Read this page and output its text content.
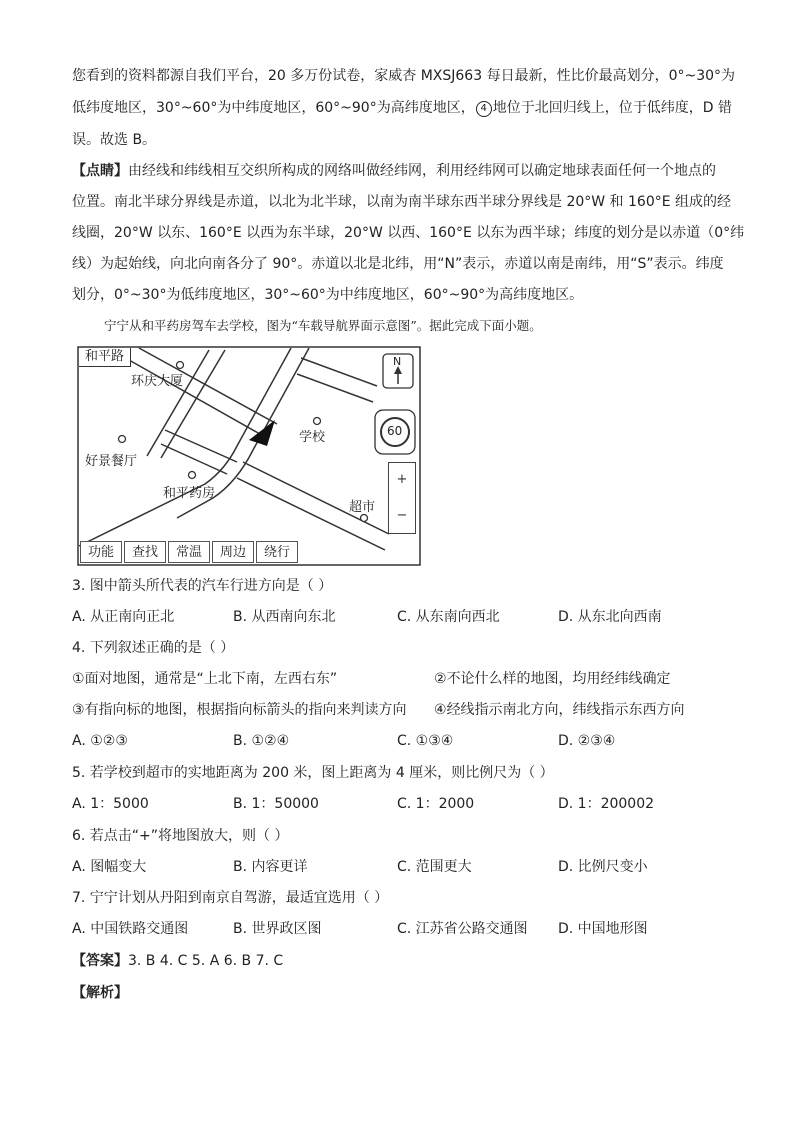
您看到的资料都源自我们平台，20 多万份试卷，家威杏 MXSJ663 每日最新，性比价最高划分，0°~30°为
低纬度地区，30°~60°为中纬度地区，60°~90°为高纬度地区， 4 地位于北回归线上，位于低纬度，D 错
误。故选 B。
【点睛】由经线和纬线相互交织所构成的网络叫做经纬网，利用经纬网可以确定地球表面任何一个地点的
位置。南北半球分界线是赤道，以北为北半球，以南为南半球东西半球分界线是 20°W 和 160°E 组成的经
线圈，20°W 以东、160°E 以西为东半球，20°W 以西、160°E 以东为西半球；纬度的划分是以赤道（0°纬
线）为起始线，向北向南各分了 90°。赤道以北是北纬，用“N”表示，赤道以南是南纬，用“S”表示。纬度
划分，0°~30°为低纬度地区，30°~60°为中纬度地区，60°~90°为高纬度地区。
宁宁从和平药房驾车去学校，图为“车载导航界面示意图”。据此完成下面小题。
和平路
环庆大厦
好景餐厅
学校
和平药房
超市
N
60
+
−
功能	查找	常温	周边	绕行
3. 图中箭头所代表的汽车行进方向是（ ）
A. 从正南向正北	B. 从西南向东北	C. 从东南向西北	D. 从东北向西南
4. 下列叙述正确的是（ ）
①面对地图，通常是“上北下南，左西右东”	②不论什么样的地图，均用经纬线确定
③有指向标的地图，根据指向标箭头的指向来判读方向 ④经线指示南北方向，纬线指示东西方向
A. ①②③	B. ①②④	C. ①③④	D. ②③④
5. 若学校到超市的实地距离为 200 米，图上距离为 4 厘米，则比例尺为（ ）
A. 1：5000	B. 1：50000	C. 1：2000	D. 1：200002
6. 若点击“+”将地图放大，则（ ）
A. 图幅变大	B. 内容更详	C. 范围更大	D. 比例尺变小
7. 宁宁计划从丹阳到南京自驾游，最适宜选用（ ）
A. 中国铁路交通图	B. 世界政区图	C. 江苏省公路交通图 D. 中国地形图
【答案】3. B 4. C 5. A 6. B 7. C
【解析】
